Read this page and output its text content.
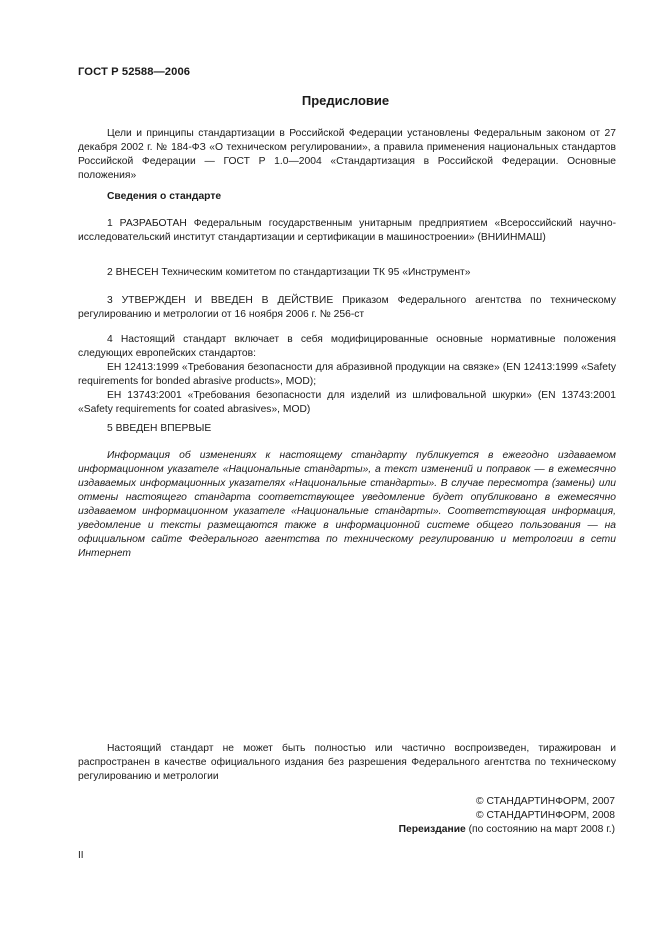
ГОСТ Р 52588—2006
Предисловие

Цели и принципы стандартизации в Российской Федерации установлены Федеральным законом от 27 декабря 2002 г. № 184-ФЗ «О техническом регулировании», а правила применения национальных стандартов Российской Федерации — ГОСТ Р 1.0—2004 «Стандартизация в Российской Федерации. Основные положения»

Сведения о стандарте

1 РАЗРАБОТАН Федеральным государственным унитарным предприятием «Всероссийский научно-исследовательский институт стандартизации и сертификации в машиностроении» (ВНИИНМАШ)

2 ВНЕСЕН Техническим комитетом по стандартизации ТК 95 «Инструмент»

3 УТВЕРЖДЕН И ВВЕДЕН В ДЕЙСТВИЕ Приказом Федерального агентства по техническому регулированию и метрологии от 16 ноября 2006 г. № 256-ст

4 Настоящий стандарт включает в себя модифицированные основные нормативные положения следующих европейских стандартов:

ЕН 12413:1999 «Требования безопасности для абразивной продукции на связке» (EN 12413:1999 «Safety requirements for bonded abrasive products», MOD);

ЕН 13743:2001 «Требования безопасности для изделий из шлифовальной шкурки» (EN 13743:2001 «Safety requirements for coated abrasives», MOD)

5 ВВЕДЕН ВПЕРВЫЕ

Информация об изменениях к настоящему стандарту публикуется в ежегодно издаваемом информационном указателе «Национальные стандарты», а текст изменений и поправок — в ежемесячно издаваемых информационных указателях «Национальные стандарты». В случае пересмотра (замены) или отмены настоящего стандарта соответствующее уведомление будет опубликовано в ежемесячно издаваемом информационном указателе «Национальные стандарты». Соответствующая информация, уведомление и тексты размещаются также в информационной системе общего пользования — на официальном сайте Федерального агентства по техническому регулированию и метрологии в сети Интернет

Настоящий стандарт не может быть полностью или частично воспроизведен, тиражирован и распространен в качестве официального издания без разрешения Федерального агентства по техническому регулированию и метрологии

© СТАНДАРТИНФОРМ, 2007
© СТАНДАРТИНФОРМ, 2008
Переиздание (по состоянию на март 2008 г.)
II
